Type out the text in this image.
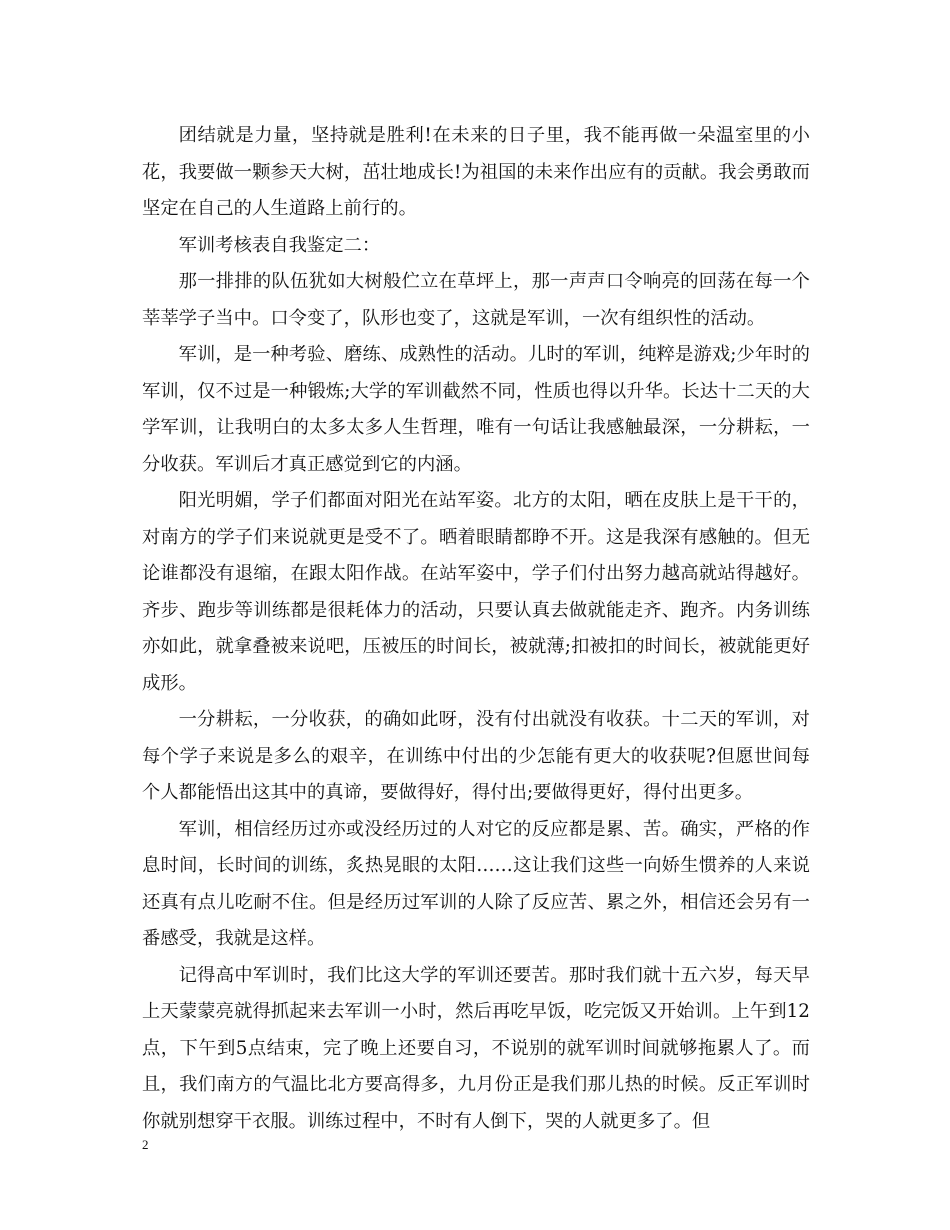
团结就是力量，坚持就是胜利!在未来的日子里，我不能再做一朵温室里的小花，我要做一颗参天大树，茁壮地成长!为祖国的未来作出应有的贡献。我会勇敢而坚定在自己的人生道路上前行的。

军训考核表自我鉴定二：

那一排排的队伍犹如大树般伫立在草坪上，那一声声口令响亮的回荡在每一个莘莘学子当中。口令变了，队形也变了，这就是军训，一次有组织性的活动。

军训，是一种考验、磨练、成熟性的活动。儿时的军训，纯粹是游戏;少年时的军训，仅不过是一种锻炼;大学的军训截然不同，性质也得以升华。长达十二天的大学军训，让我明白的太多太多人生哲理，唯有一句话让我感触最深，一分耕耘，一分收获。军训后才真正感觉到它的内涵。

阳光明媚，学子们都面对阳光在站军姿。北方的太阳，晒在皮肤上是干干的，对南方的学子们来说就更是受不了。晒着眼睛都睁不开。这是我深有感触的。但无论谁都没有退缩，在跟太阳作战。在站军姿中，学子们付出努力越高就站得越好。齐步、跑步等训练都是很耗体力的活动，只要认真去做就能走齐、跑齐。内务训练亦如此，就拿叠被来说吧，压被压的时间长，被就薄;扣被扣的时间长，被就能更好成形。

一分耕耘，一分收获，的确如此呀，没有付出就没有收获。十二天的军训，对每个学子来说是多么的艰辛，在训练中付出的少怎能有更大的收获呢?但愿世间每个人都能悟出这其中的真谛，要做得好，得付出;要做得更好，得付出更多。

军训，相信经历过亦或没经历过的人对它的反应都是累、苦。确实，严格的作息时间，长时间的训练，炙热晃眼的太阳……这让我们这些一向娇生惯养的人来说还真有点儿吃耐不住。但是经历过军训的人除了反应苦、累之外，相信还会另有一番感受，我就是这样。

记得高中军训时，我们比这大学的军训还要苦。那时我们就十五六岁，每天早上天蒙蒙亮就得抓起来去军训一小时，然后再吃早饭，吃完饭又开始训。上午到12点，下午到5点结束，完了晚上还要自习，不说别的就军训时间就够拖累人了。而且，我们南方的气温比北方要高得多，九月份正是我们那儿热的时候。反正军训时你就别想穿干衣服。训练过程中，不时有人倒下，哭的人就更多了。但

2
